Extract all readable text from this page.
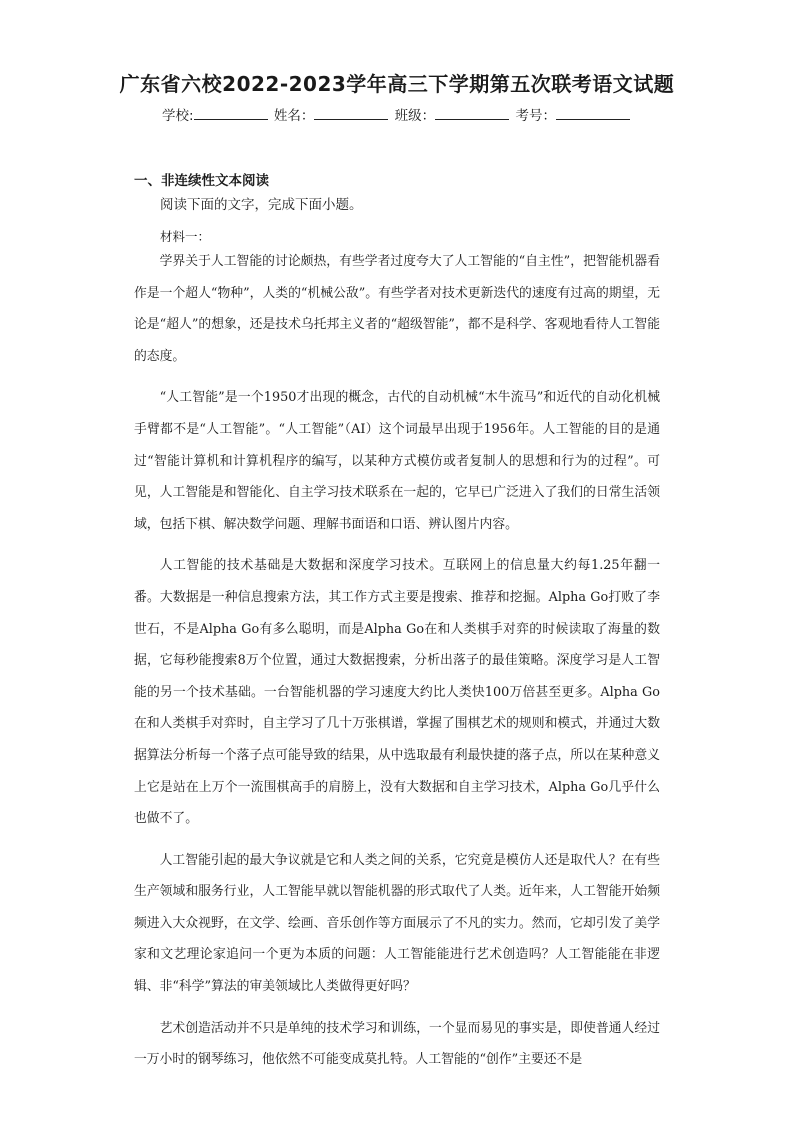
广东省六校2022-2023学年高三下学期第五次联考语文试题
学校:	姓名：	班级：	考号：
一、非连续性文本阅读
阅读下面的文字，完成下面小题。
材料一：

学界关于人工智能的讨论颇热，有些学者过度夸大了人工智能的“自主性”，把智能机器看作是一个超人“物种”，人类的“机械公敌”。有些学者对技术更新迭代的速度有过高的期望，无论是“超人”的想象，还是技术乌托邦主义者的“超级智能”，都不是科学、客观地看待人工智能的态度。

“人工智能”是一个1950才出现的概念，古代的自动机械“木牛流马”和近代的自动化机械手臂都不是“人工智能”。“人工智能”（AI）这个词最早出现于1956年。人工智能的目的是通过“智能计算机和计算机程序的编写，以某种方式模仿或者复制人的思想和行为的过程”。可见，人工智能是和智能化、自主学习技术联系在一起的，它早已广泛进入了我们的日常生活领域，包括下棋、解决数学问题、理解书面语和口语、辨认图片内容。

人工智能的技术基础是大数据和深度学习技术。互联网上的信息量大约每1.25年翻一番。大数据是一种信息搜索方法，其工作方式主要是搜索、推荐和挖掘。Alpha Go打败了李世石，不是Alpha Go有多么聪明，而是Alpha Go在和人类棋手对弈的时候读取了海量的数据，它每秒能搜索8万个位置，通过大数据搜索，分析出落子的最佳策略。深度学习是人工智能的另一个技术基础。一台智能机器的学习速度大约比人类快100万倍甚至更多。Alpha Go在和人类棋手对弈时，自主学习了几十万张棋谱，掌握了围棋艺术的规则和模式，并通过大数据算法分析每一个落子点可能导致的结果，从中选取最有利最快捷的落子点，所以在某种意义上它是站在上万个一流围棋高手的肩膀上，没有大数据和自主学习技术，Alpha Go几乎什么也做不了。

人工智能引起的最大争议就是它和人类之间的关系，它究竟是模仿人还是取代人？在有些生产领域和服务行业，人工智能早就以智能机器的形式取代了人类。近年来，人工智能开始频频进入大众视野，在文学、绘画、音乐创作等方面展示了不凡的实力。然而，它却引发了美学家和文艺理论家追问一个更为本质的问题：人工智能能进行艺术创造吗？人工智能能在非逻辑、非“科学”算法的审美领域比人类做得更好吗？

艺术创造活动并不只是单纯的技术学习和训练，一个显而易见的事实是，即使普通人经过一万小时的钢琴练习，他依然不可能变成莫扎特。人工智能的“创作”主要还不是
